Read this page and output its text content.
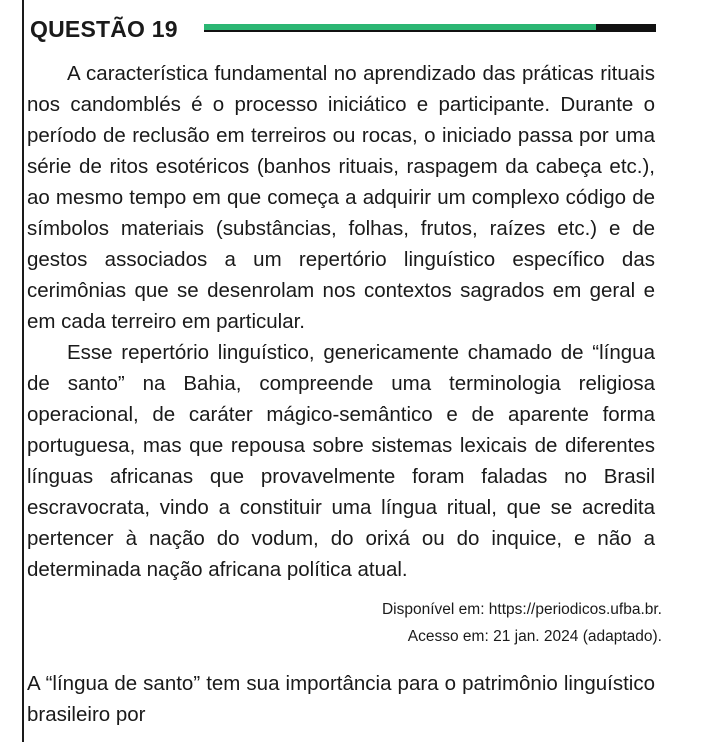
QUESTÃO 19

A característica fundamental no aprendizado das práticas rituais nos candomblés é o processo iniciático e participante. Durante o período de reclusão em terreiros ou rocas, o iniciado passa por uma série de ritos esotéricos (banhos rituais, raspagem da cabeça etc.), ao mesmo tempo em que começa a adquirir um complexo código de símbolos materiais (substâncias, folhas, frutos, raízes etc.) e de gestos associados a um repertório linguístico específico das cerimônias que se desenrolam nos contextos sagrados em geral e em cada terreiro em particular.

Esse repertório linguístico, genericamente chamado de “língua de santo” na Bahia, compreende uma terminologia religiosa operacional, de caráter mágico-semântico e de aparente forma portuguesa, mas que repousa sobre sistemas lexicais de diferentes línguas africanas que provavelmente foram faladas no Brasil escravocrata, vindo a constituir uma língua ritual, que se acredita pertencer à nação do vodum, do orixá ou do inquice, e não a determinada nação africana política atual.

Disponível em: https://periodicos.ufba.br.
Acesso em: 21 jan. 2024 (adaptado).

A “língua de santo” tem sua importância para o patrimônio linguístico brasileiro por
